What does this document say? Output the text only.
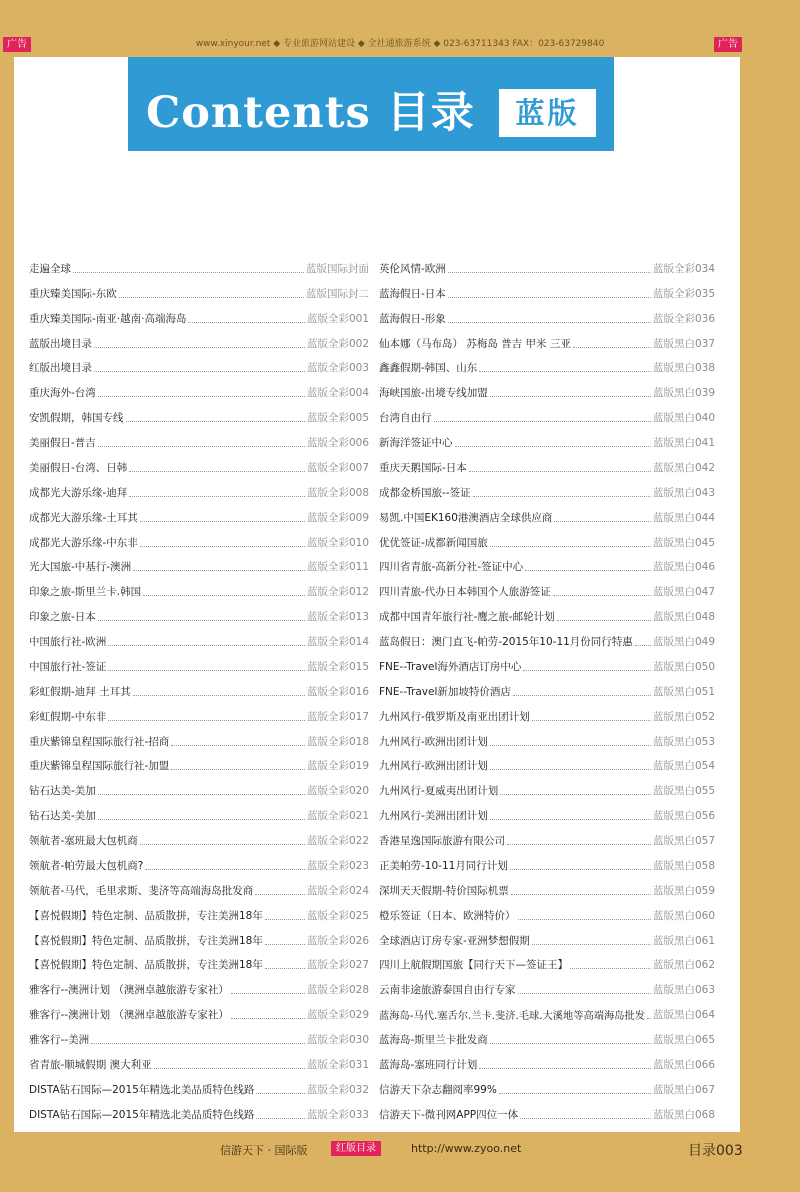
广告	www.xinyour.net ◆ 专业旅游网站建设 ◆ 全社通旅游系统 ◆ 023-63711343 FAX：023-63729840	广告
Contents 目录	蓝版
走遍全球	蓝版国际封面
重庆臻美国际-东欧	蓝版国际封二
重庆臻美国际-南亚·越南·高端海岛	蓝版全彩001
蓝版出境目录	蓝版全彩002
红版出境目录	蓝版全彩003
重庆海外-台湾	蓝版全彩004
安凯假期，韩国专线	蓝版全彩005
美丽假日-普吉	蓝版全彩006
美丽假日-台湾、日韩	蓝版全彩007
成都光大游乐缘-迪拜	蓝版全彩008
成都光大游乐缘-土耳其	蓝版全彩009
成都光大游乐缘-中东非	蓝版全彩010
光大国旅-中基行-澳洲	蓝版全彩011
印象之旅-斯里兰卡.韩国	蓝版全彩012
印象之旅-日本	蓝版全彩013
中国旅行社-欧洲	蓝版全彩014
中国旅行社-签证	蓝版全彩015
彩虹假期-迪拜 土耳其	蓝版全彩016
彩虹假期-中东非	蓝版全彩017
重庆紫锦皇程国际旅行社-招商	蓝版全彩018
重庆紫锦皇程国际旅行社-加盟	蓝版全彩019
钻石达美-美加	蓝版全彩020
钻石达美-美加	蓝版全彩021
领航者-塞班最大包机商	蓝版全彩022
领航者-帕劳最大包机商?	蓝版全彩023
领航者-马代，毛里求斯、斐济等高端海岛批发商	蓝版全彩024
【喜悦假期】特色定制、品质散拼，专注美洲18年	蓝版全彩025
【喜悦假期】特色定制、品质散拼，专注美洲18年	蓝版全彩026
【喜悦假期】特色定制、品质散拼，专注美洲18年	蓝版全彩027
雅客行--澳洲计划 （澳洲卓越旅游专家社）	蓝版全彩028
雅客行--澳洲计划 （澳洲卓越旅游专家社）	蓝版全彩029
雅客行--美洲	蓝版全彩030
省青旅-顺城假期 澳大利亚	蓝版全彩031
DISTA钻石国际—2015年精选北美品质特色线路	蓝版全彩032
DISTA钻石国际—2015年精选北美品质特色线路	蓝版全彩033
英伦风情-欧洲	蓝版全彩034
蓝海假日-日本	蓝版全彩035
蓝海假日-形象	蓝版全彩036
仙本娜（马布岛） 苏梅岛 普吉 甲米 三亚	蓝版黑白037
鑫鑫假期-韩国、山东	蓝版黑白038
海峡国旅-出境专线加盟	蓝版黑白039
台湾自由行	蓝版黑白040
新海洋签证中心	蓝版黑白041
重庆天鹅国际-日本	蓝版黑白042
成都金桥国旅--签证	蓝版黑白043
易凯.中国EK160港澳酒店全球供应商	蓝版黑白044
优优签证-成都新闻国旅	蓝版黑白045
四川省青旅-高新分社-签证中心	蓝版黑白046
四川青旅-代办日本韩国个人旅游签证	蓝版黑白047
成都中国青年旅行社-鹰之旅-邮轮计划	蓝版黑白048
蓝岛假日：澳门直飞-帕劳-2015年10-11月份同行特惠 蓝版黑白049
FNE--Travel海外酒店订房中心	蓝版黑白050
FNE--Travel新加坡特价酒店	蓝版黑白051
九州风行-俄罗斯及南亚出团计划	蓝版黑白052
九州风行-欧洲出团计划	蓝版黑白053
九州风行-欧洲出团计划	蓝版黑白054
九州风行-夏威夷出团计划	蓝版黑白055
九州风行-美洲出团计划	蓝版黑白056
香港星逸国际旅游有限公司	蓝版黑白057
正美帕劳-10-11月同行计划	蓝版黑白058
深圳天天假期-特价国际机票	蓝版黑白059
橙乐签证（日本、欧洲特价）	蓝版黑白060
全球酒店订房专家-亚洲梦想假期	蓝版黑白061
四川上航假期国旅【同行天下—签证王】	蓝版黑白062
云南非途旅游泰国自由行专家	蓝版黑白063
蓝海岛-马代.塞舌尔.兰卡.斐济.毛球.大溪地等高端海岛批发 蓝版黑白064
蓝海岛-斯里兰卡批发商	蓝版黑白065
蓝海岛-塞班同行计划	蓝版黑白066
信游天下杂志翻阅率99%	蓝版黑白067
信游天下-微刊网APP四位一体	蓝版黑白068
信游天下 · 国际版	红版目录	http://www.zyoo.net	目录003
